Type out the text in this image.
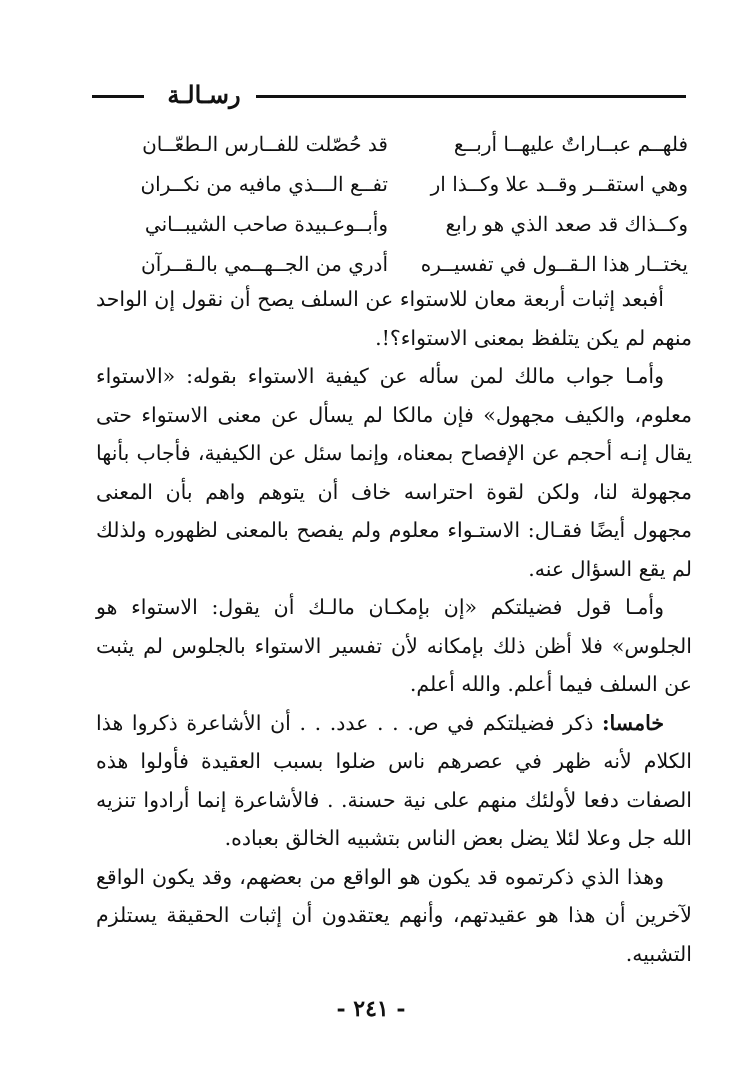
رسـالـة
فلهــم عبــاراتٌ عليهــا أربــع
قد حُصّلت للفــارس الـطعّــان
وهي استقــر وقــد علا وكــذا ار
تفــع الـــذي مافيه من نكــران
وكــذاك قد صعد الذي هو رابع
وأبــوعـبيدة صاحب الشيبــاني
يختــار هذا الـقــول في تفسيــره
أدري من الجــهــمي بالـقــرآن

أفبعد إثبات أربعة معان للاستواء عن السلف يصح أن نقول إن الواحد منهم لم يكن يتلفظ بمعنى الاستواء؟!.

وأمـا جواب مالك لمن سأله عن كيفية الاستواء بقوله: «الاستواء معلوم، والكيف مجهول» فإن مالكا لم يسأل عن معنى الاستواء حتى يقال إنـه أحجم عن الإفصاح بمعناه، وإنما سئل عن الكيفية، فأجاب بأنها مجهولة لنا، ولكن لقوة احتراسه خاف أن يتوهم واهم بأن المعنى مجهول أيضًا فقـال: الاستـواء معلوم ولم يفصح بالمعنى لظهوره ولذلك لم يقع السؤال عنه.

وأمـا قول فضيلتكم «إن بإمكـان مالـك أن يقول: الاستواء هو الجلوس» فلا أظن ذلك بإمكانه لأن تفسير الاستواء بالجلوس لم يثبت عن السلف فيما أعلم. والله أعلم.

خامسا: ذكر فضيلتكم في ص. . . عدد. . . أن الأشاعرة ذكروا هذا الكلام لأنه ظهر في عصرهم ناس ضلوا بسبب العقيدة فأولوا هذه الصفات دفعا لأولئك منهم على نية حسنة. . فالأشاعرة إنما أرادوا تنزيه الله جل وعلا لئلا يضل بعض الناس بتشبيه الخالق بعباده.

وهذا الذي ذكرتموه قد يكون هو الواقع من بعضهم، وقد يكون الواقع لآخرين أن هذا هو عقيدتهم، وأنهم يعتقدون أن إثبات الحقيقة يستلزم التشبيه.

- ٢٤١ -
